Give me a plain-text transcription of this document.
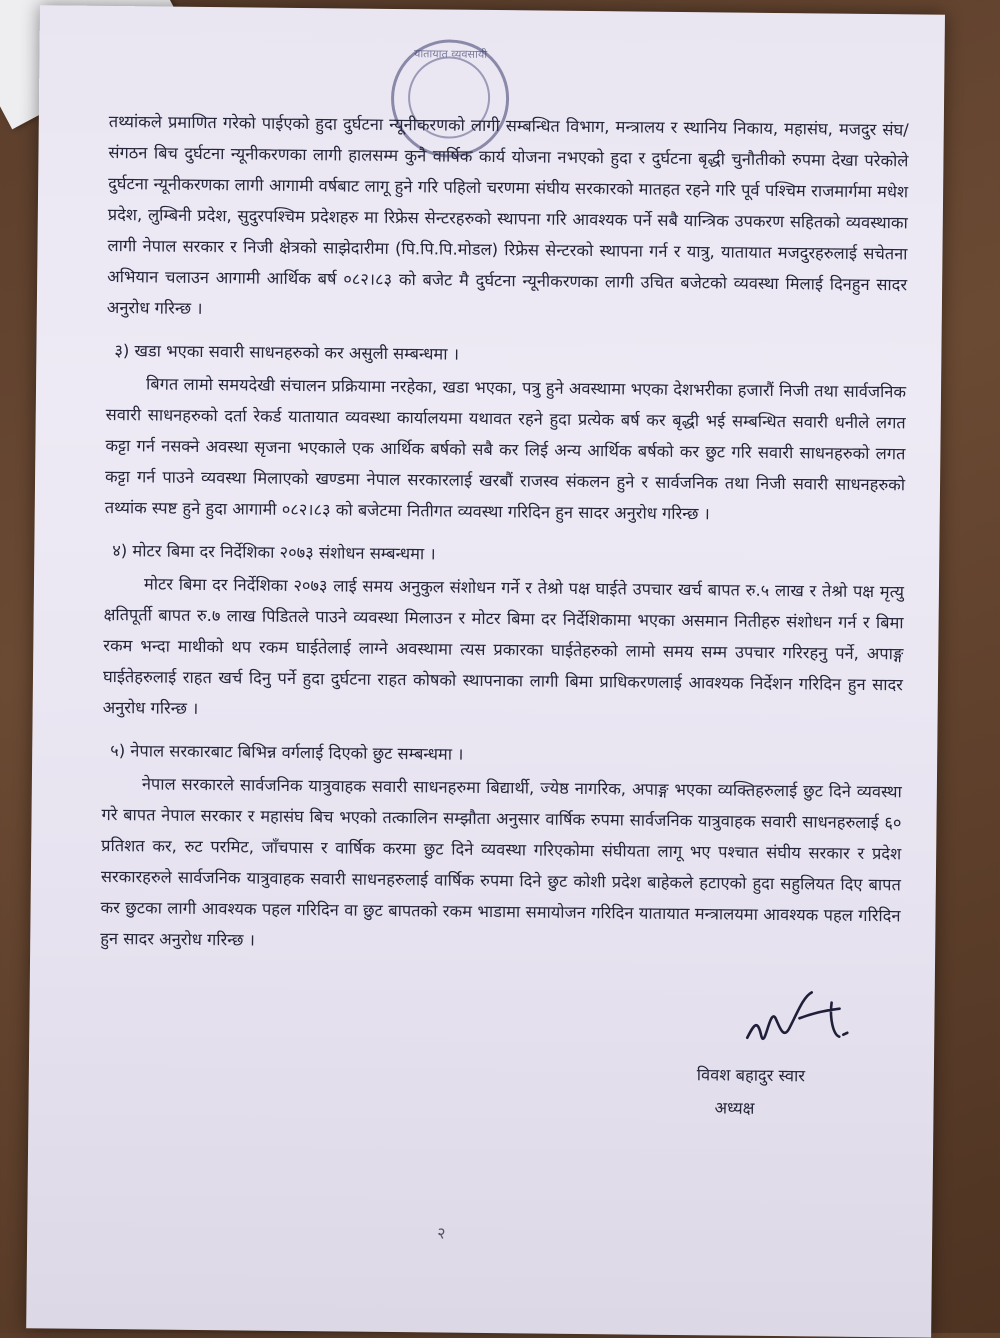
यातायात व्यवसायी

तथ्यांकले प्रमाणित गरेको पाईएको हुदा दुर्घटना न्यूनीकरणको लागी सम्बन्धित विभाग, मन्त्रालय र स्थानिय निकाय, महासंघ, मजदुर संघ/संगठन बिच दुर्घटना न्यूनीकरणका लागी हालसम्म कुनै वार्षिक कार्य योजना नभएको हुदा र दुर्घटना बृद्धी चुनौतीको रुपमा देखा परेकोले दुर्घटना न्यूनीकरणका लागी आगामी वर्षबाट लागू हुने गरि पहिलो चरणमा संघीय सरकारको मातहत रहने गरि पूर्व पश्चिम राजमार्गमा मधेश प्रदेश, लुम्बिनी प्रदेश, सुदुरपश्चिम प्रदेशहरु मा रिफ्रेस सेन्टरहरुको स्थापना गरि आवश्यक पर्ने सबै यान्त्रिक उपकरण सहितको व्यवस्थाका लागी नेपाल सरकार र निजी क्षेत्रको साझेदारीमा (पि.पि.पि.मोडल) रिफ्रेस सेन्टरको स्थापना गर्न र यात्रु, यातायात मजदुरहरुलाई सचेतना अभियान चलाउन आगामी आर्थिक बर्ष ०८२।८३ को बजेट मै दुर्घटना न्यूनीकरणका लागी उचित बजेटको व्यवस्था मिलाई दिनहुन सादर अनुरोध गरिन्छ ।

३) खडा भएका सवारी साधनहरुको कर असुली सम्बन्धमा ।

बिगत लामो समयदेखी संचालन प्रक्रियामा नरहेका, खडा भएका, पत्रु हुने अवस्थामा भएका देशभरीका हजारौं निजी तथा सार्वजनिक सवारी साधनहरुको दर्ता रेकर्ड यातायात व्यवस्था कार्यालयमा यथावत रहने हुदा प्रत्येक बर्ष कर बृद्धी भई सम्बन्धित सवारी धनीले लगत कट्टा गर्न नसक्ने अवस्था सृजना भएकाले एक आर्थिक बर्षको सबै कर लिई अन्य आर्थिक बर्षको कर छुट गरि सवारी साधनहरुको लगत कट्टा गर्न पाउने व्यवस्था मिलाएको खण्डमा नेपाल सरकारलाई खरबौं राजस्व संकलन हुने र सार्वजनिक तथा निजी सवारी साधनहरुको तथ्यांक स्पष्ट हुने हुदा आगामी ०८२।८३ को बजेटमा नितीगत व्यवस्था गरिदिन हुन सादर अनुरोध गरिन्छ ।

४) मोटर बिमा दर निर्देशिका २०७३ संशोधन सम्बन्धमा ।

मोटर बिमा दर निर्देशिका २०७३ लाई समय अनुकुल संशोधन गर्ने र तेश्रो पक्ष घाईते उपचार खर्च बापत रु.५ लाख र तेश्रो पक्ष मृत्यु क्षतिपूर्ती बापत रु.७ लाख पिडितले पाउने व्यवस्था मिलाउन र मोटर बिमा दर निर्देशिकामा भएका असमान नितीहरु संशोधन गर्न र बिमा रकम भन्दा माथीको थप रकम घाईतेलाई लाग्ने अवस्थामा त्यस प्रकारका घाईतेहरुको लामो समय सम्म उपचार गरिरहनु पर्ने, अपाङ्ग घाईतेहरुलाई राहत खर्च दिनु पर्ने हुदा दुर्घटना राहत कोषको स्थापनाका लागी बिमा प्राधिकरणलाई आवश्यक निर्देशन गरिदिन हुन सादर अनुरोध गरिन्छ ।

५) नेपाल सरकारबाट बिभिन्न वर्गलाई दिएको छुट सम्बन्धमा ।

नेपाल सरकारले सार्वजनिक यात्रुवाहक सवारी साधनहरुमा बिद्यार्थी, ज्येष्ठ नागरिक, अपाङ्ग भएका व्यक्तिहरुलाई छुट दिने व्यवस्था गरे बापत नेपाल सरकार र महासंघ बिच भएको तत्कालिन सम्झौता अनुसार वार्षिक रुपमा सार्वजनिक यात्रुवाहक सवारी साधनहरुलाई ६० प्रतिशत कर, रुट परमिट, जाँचपास र वार्षिक करमा छुट दिने व्यवस्था गरिएकोमा संघीयता लागू भए पश्चात संघीय सरकार र प्रदेश सरकारहरुले सार्वजनिक यात्रुवाहक सवारी साधनहरुलाई वार्षिक रुपमा दिने छुट कोशी प्रदेश बाहेकले हटाएको हुदा सहुलियत दिए बापत कर छुटका लागी आवश्यक पहल गरिदिन वा छुट बापतको रकम भाडामा समायोजन गरिदिन यातायात मन्त्रालयमा आवश्यक पहल गरिदिन हुन सादर अनुरोध गरिन्छ ।

विवश बहादुर स्वार
अध्यक्ष
२
